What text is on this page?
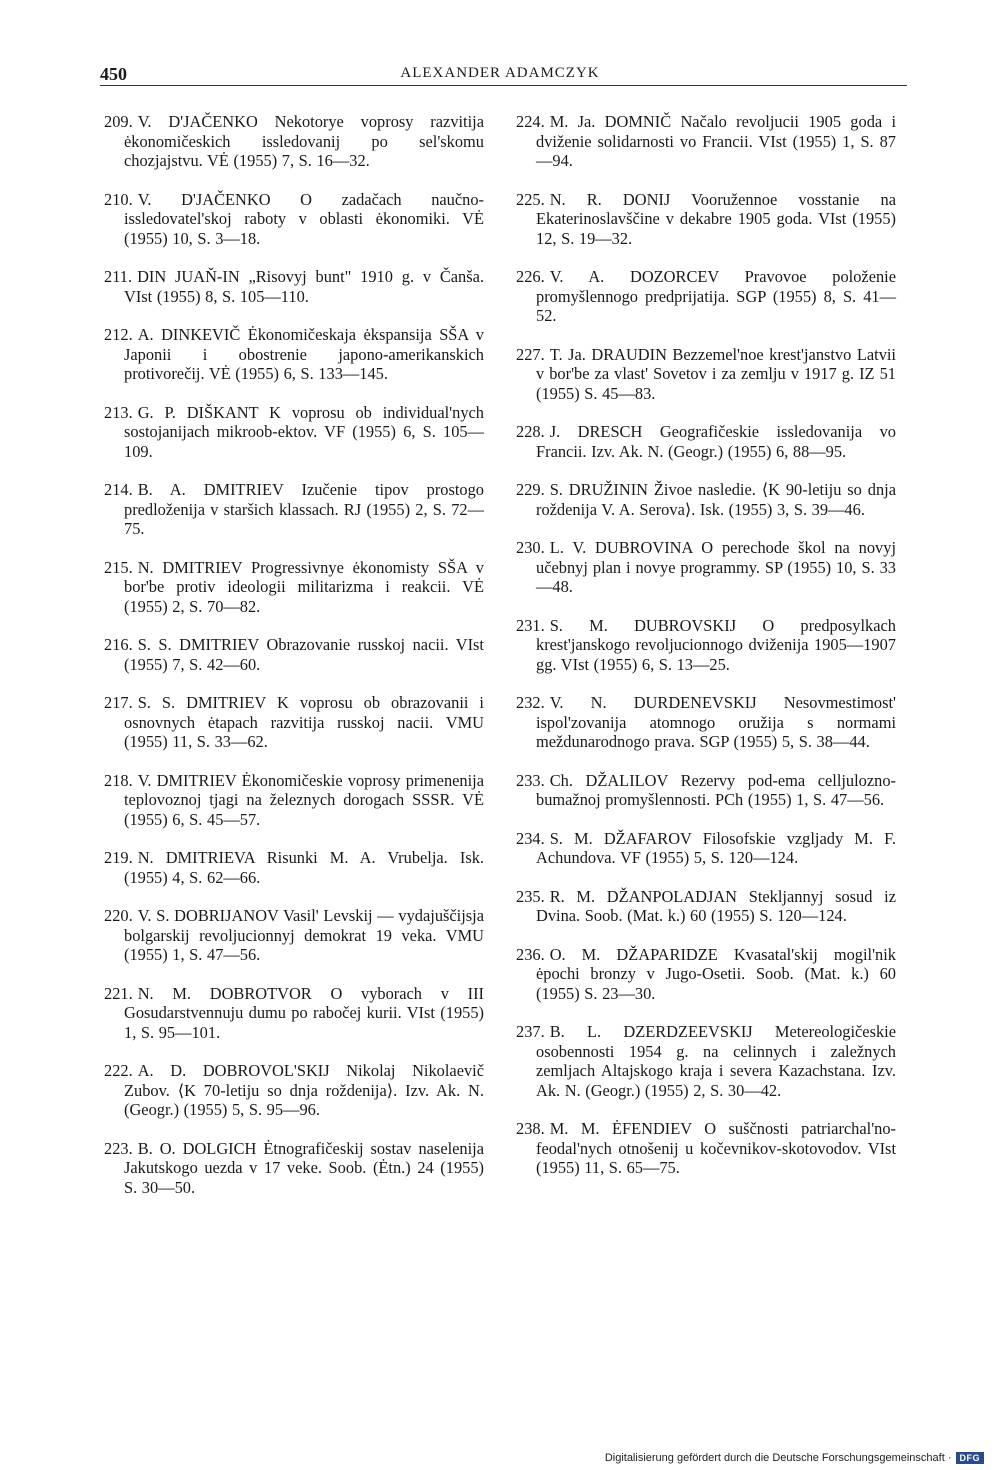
450	ALEXANDER ADAMCZYK

209. V. D'JAČENKO Nekotorye voprosy razvitija ėkonomičeskich issledovanij po sel'skomu chozjajstvu. VĖ (1955) 7, S. 16—32.

210. V. D'JAČENKO O zadačach naučno-issledovatel'skoj raboty v oblasti ėkonomiki. VĖ (1955) 10, S. 3—18.

211. DIN JUAŇ-IN „Risovyj bunt" 1910 g. v Čanša. VIst (1955) 8, S. 105—110.

212. A. DINKEVIČ Ėkonomičeskaja ėkspansija SŠA v Japonii i obostrenie japono-amerikanskich protivorečij. VĖ (1955) 6, S. 133—145.

213. G. P. DIŠKANT K voprosu ob individual'nych sostojanijach mikroob-ektov. VF (1955) 6, S. 105—109.

214. B. A. DMITRIEV Izučenie tipov prostogo predloženija v staršich klassach. RJ (1955) 2, S. 72—75.

215. N. DMITRIEV Progressivnye ėkonomisty SŠA v bor'be protiv ideologii militarizma i reakcii. VĖ (1955) 2, S. 70—82.

216. S. S. DMITRIEV Obrazovanie russkoj nacii. VIst (1955) 7, S. 42—60.

217. S. S. DMITRIEV K voprosu ob obrazovanii i osnovnych ėtapach razvitija russkoj nacii. VMU (1955) 11, S. 33—62.

218. V. DMITRIEV Ėkonomičeskie voprosy primenenija teplovoznoj tjagi na železnych dorogach SSSR. VĖ (1955) 6, S. 45—57.

219. N. DMITRIEVA Risunki M. A. Vrubelja. Isk. (1955) 4, S. 62—66.

220. V. S. DOBRIJANOV Vasil' Levskij — vydajuščijsja bolgarskij revoljucionnyj demokrat 19 veka. VMU (1955) 1, S. 47—56.

221. N. M. DOBROTVOR O vyborach v III Gosudarstvennuju dumu po rabočej kurii. VIst (1955) 1, S. 95—101.

222. A. D. DOBROVOL'SKIJ Nikolaj Nikolaevič Zubov. ⟨K 70-letiju so dnja roždenija⟩. Izv. Ak. N. (Geogr.) (1955) 5, S. 95—96.

223. B. O. DOLGICH Ėtnografičeskij sostav naselenija Jakutskogo uezda v 17 veke. Soob. (Ėtn.) 24 (1955) S. 30—50.

224. M. Ja. DOMNIČ Načalo revoljucii 1905 goda i dviženie solidarnosti vo Francii. VIst (1955) 1, S. 87—94.

225. N. R. DONIJ Vooružennoe vosstanie na Ekaterinoslavščine v dekabre 1905 goda. VIst (1955) 12, S. 19—32.

226. V. A. DOZORCEV Pravovoe položenie promyšlennogo predprijatija. SGP (1955) 8, S. 41—52.

227. T. Ja. DRAUDIN Bezzemel'noe krest'janstvo Latvii v bor'be za vlast' Sovetov i za zemlju v 1917 g. IZ 51 (1955) S. 45—83.

228. J. DRESCH Geografičeskie issledovanija vo Francii. Izv. Ak. N. (Geogr.) (1955) 6, 88—95.

229. S. DRUŽININ Živoe nasledie. ⟨K 90-letiju so dnja roždenija V. A. Serova⟩. Isk. (1955) 3, S. 39—46.

230. L. V. DUBROVINA O perechode škol na novyj učebnyj plan i novye programmy. SP (1955) 10, S. 33—48.

231. S. M. DUBROVSKIJ O predposylkach krest'janskogo revoljucionnogo dviženija 1905—1907 gg. VIst (1955) 6, S. 13—25.

232. V. N. DURDENEVSKIJ Nesovmestimost' ispol'zovanija atomnogo oružija s normami meždunarodnogo prava. SGP (1955) 5, S. 38—44.

233. Ch. DŽALILOV Rezervy pod-ema celljulozno-bumažnoj promyšlennosti. PCh (1955) 1, S. 47—56.

234. S. M. DŽAFAROV Filosofskie vzgljady M. F. Achundova. VF (1955) 5, S. 120—124.

235. R. M. DŽANPOLADJAN Stekljannyj sosud iz Dvina. Soob. (Mat. k.) 60 (1955) S. 120—124.

236. O. M. DŽAPARIDZE Kvasatal'skij mogil'nik ėpochi bronzy v Jugo-Osetii. Soob. (Mat. k.) 60 (1955) S. 23—30.

237. B. L. DZERDZEEVSKIJ Metereologičeskie osobennosti 1954 g. na celinnych i zaležnych zemljach Altajskogo kraja i severa Kazachstana. Izv. Ak. N. (Geogr.) (1955) 2, S. 30—42.

238. M. M. ĖFENDIEV O suščnosti patriarchal'no-feodal'nych otnošenij u kočevnikov-skotovodov. VIst (1955) 11, S. 65—75.

Digitalisierung gefördert durch die Deutsche Forschungsgemeinschaft · DFG
